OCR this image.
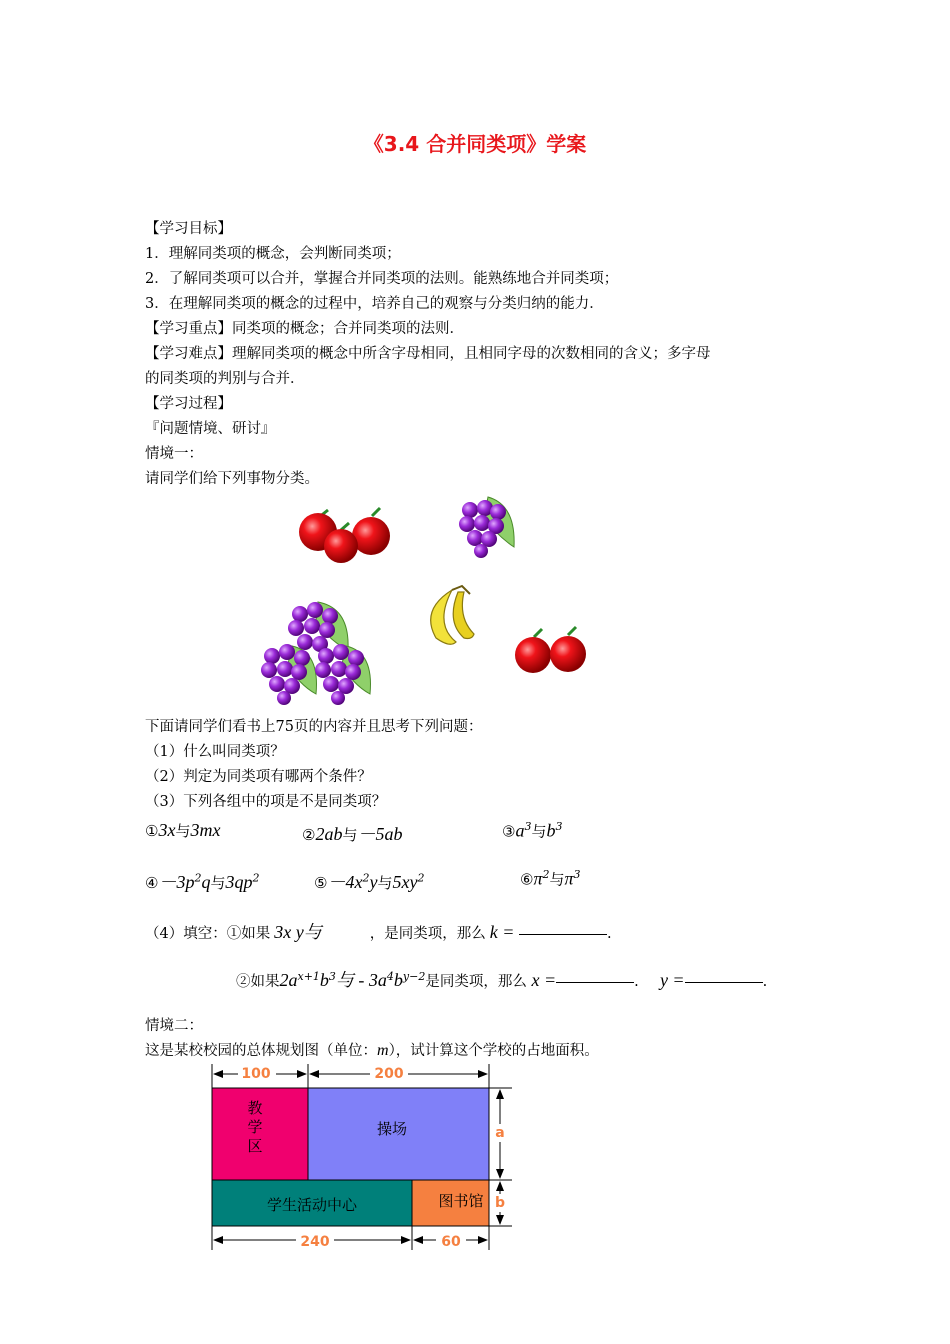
《3.4 合并同类项》学案
【学习目标】
1．理解同类项的概念，会判断同类项；
2．了解同类项可以合并，掌握合并同类项的法则。能熟练地合并同类项；
3．在理解同类项的概念的过程中，培养自己的观察与分类归纳的能力．
【学习重点】同类项的概念；合并同类项的法则．
【学习难点】理解同类项的概念中所含字母相同，且相同字母的次数相同的含义；多字母
的同类项的判别与合并．
【学习过程】
『问题情境、研讨』
情境一：
请同学们给下列事物分类。
下面请同学们看书上75页的内容并且思考下列问题：
（1）什么叫同类项？
（2）判定为同类项有哪两个条件？
（3）下列各组中的项是不是同类项？
①3x与3mx	②2ab与－5ab	$③a^3$与$b^3$
$④-3p^2q$与$3qp^2$	$⑤-4x^2y$与$5xy^2$	$⑥\pi^2$与$\pi^3$
（4）填空：①如果 3x y与	，是同类项，那么 k =	.
②如果$2a^{x+1}b^3$与 - $3a^4b^{y-2}$是同类项，那么 x =	. y =	.
情境二：
这是某校校园的总体规划图（单位：m），试计算这个学校的占地面积。
100	200
教
学
区
操场
学生活动中心	图书馆
a
b
240	60
